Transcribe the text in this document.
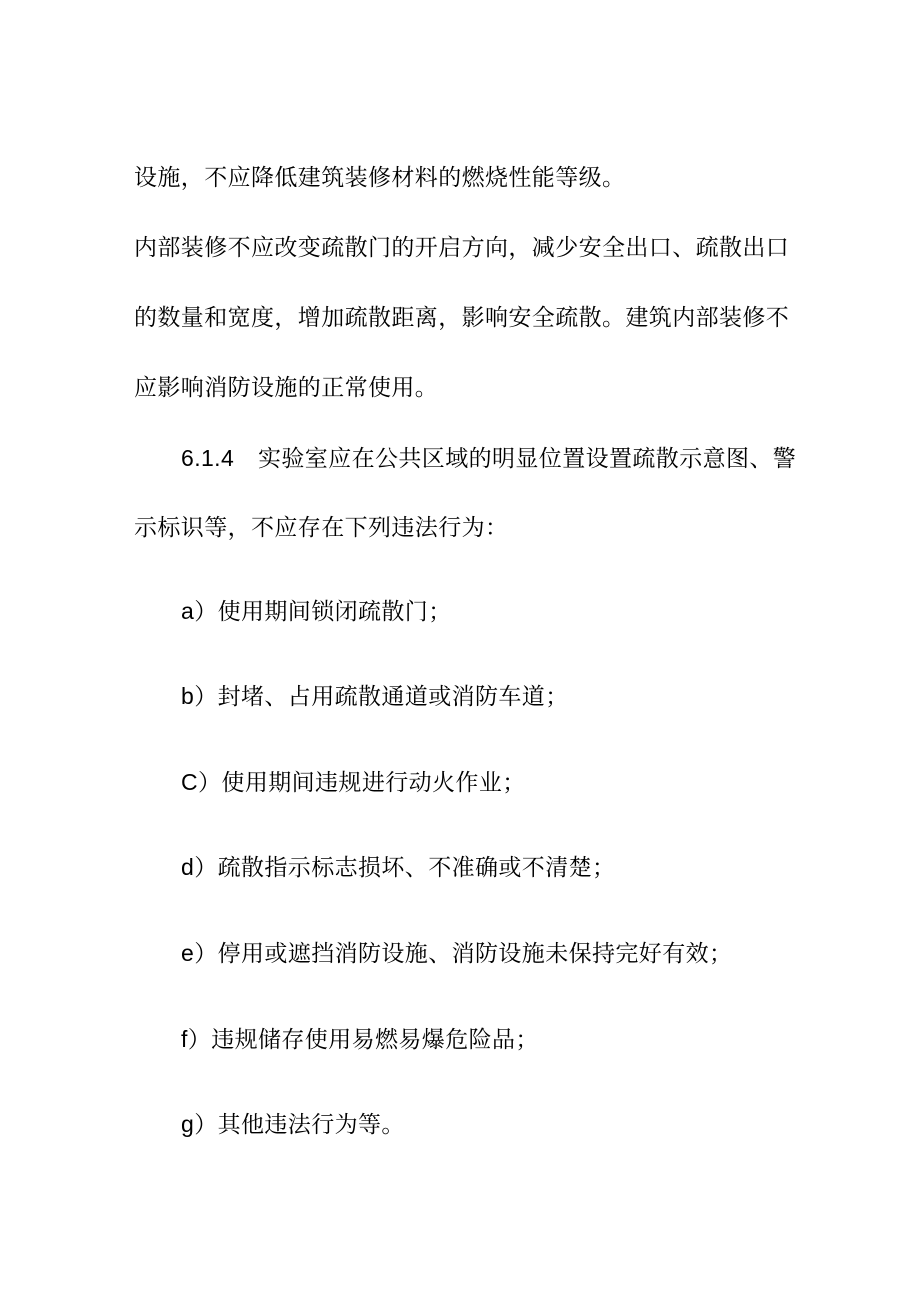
设施，不应降低建筑装修材料的燃烧性能等级。
内部装修不应改变疏散门的开启方向，减少安全出口、疏散出口
的数量和宽度，增加疏散距离，影响安全疏散。建筑内部装修不
应影响消防设施的正常使用。
6.1.4 实验室应在公共区域的明显位置设置疏散示意图、警
示标识等，不应存在下列违法行为：
a）使用期间锁闭疏散门；
b）封堵、占用疏散通道或消防车道；
C）使用期间违规进行动火作业；
d）疏散指示标志损坏、不准确或不清楚；
e）停用或遮挡消防设施、消防设施未保持完好有效；
f）违规储存使用易燃易爆危险品；
g）其他违法行为等。
